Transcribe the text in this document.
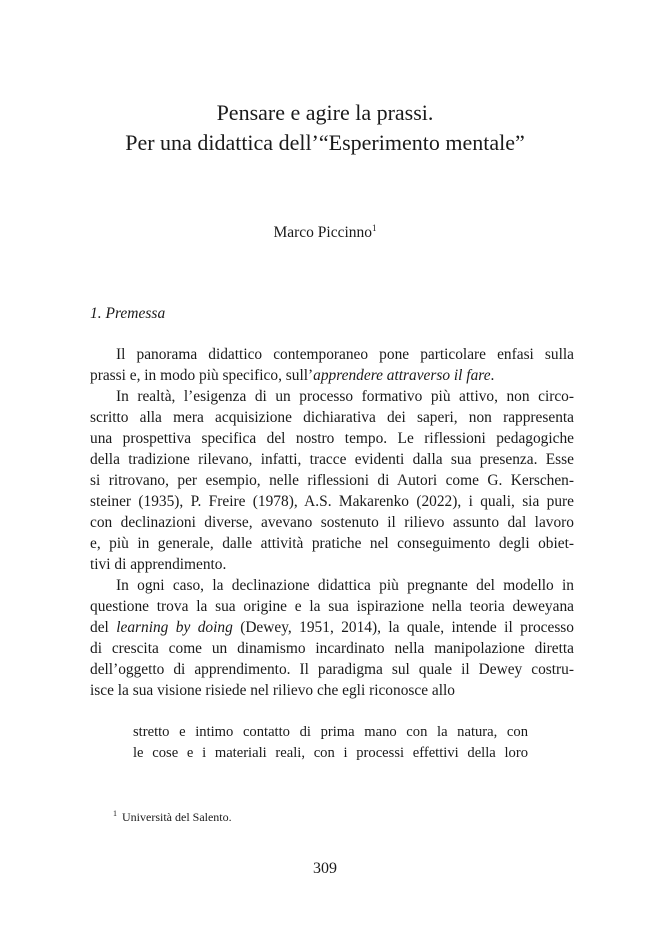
Pensare e agire la prassi.
Per una didattica dell’“Esperimento mentale”
Marco Piccinno$^1$
1. Premessa
Il panorama didattico contemporaneo pone particolare enfasi sulla
prassi e, in modo più specifico, sull’apprendere attraverso il fare.
In realtà, l’esigenza di un processo formativo più attivo, non circo-
scritto alla mera acquisizione dichiarativa dei saperi, non rappresenta
una prospettiva specifica del nostro tempo. Le riflessioni pedagogiche
della tradizione rilevano, infatti, tracce evidenti dalla sua presenza. Esse
si ritrovano, per esempio, nelle riflessioni di Autori come G. Kerschen-
steiner (1935), P. Freire (1978), A.S. Makarenko (2022), i quali, sia pure
con declinazioni diverse, avevano sostenuto il rilievo assunto dal lavoro
e, più in generale, dalle attività pratiche nel conseguimento degli obiet-
tivi di apprendimento.
In ogni caso, la declinazione didattica più pregnante del modello in
questione trova la sua origine e la sua ispirazione nella teoria deweyana
del learning by doing (Dewey, 1951, 2014), la quale, intende il processo
di crescita come un dinamismo incardinato nella manipolazione diretta
dell’oggetto di apprendimento. Il paradigma sul quale il Dewey costru-
isce la sua visione risiede nel rilievo che egli riconosce allo
stretto e intimo contatto di prima mano con la natura, con
le cose e i materiali reali, con i processi effettivi della loro
$^1$ Università del Salento.
309
